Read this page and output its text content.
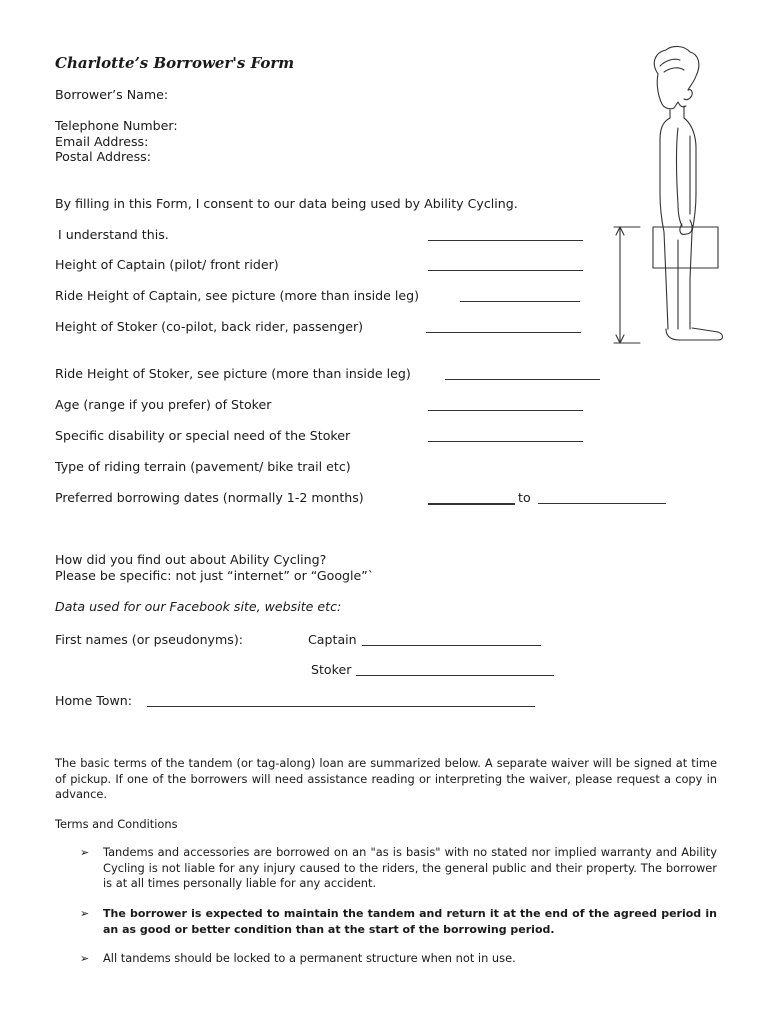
Charlotte’s Borrower's Form
Borrower’s Name:
Telephone Number:
Email Address:
Postal Address:
By filling in this Form, I consent to our data being used by Ability Cycling.
I understand this.
Height of Captain (pilot/ front rider)
Ride Height of Captain, see picture (more than inside leg)
Height of Stoker (co-pilot, back rider, passenger)
Ride Height of Stoker, see picture (more than inside leg)
Age (range if you prefer) of Stoker
Specific disability or special need of the Stoker
Type of riding terrain (pavement/ bike trail etc)
Preferred borrowing dates (normally 1-2 months)	to
How did you find out about Ability Cycling?
Please be specific: not just “internet” or “Google”`
Data used for our Facebook site, website etc:
First names (or pseudonyms):	Captain
Stoker
Home Town:
The basic terms of the tandem (or tag-along) loan are summarized below. A separate waiver will be signed at time of pickup. If one of the borrowers will need assistance reading or interpreting the waiver, please request a copy in advance.
Terms and Conditions
➢ Tandems and accessories are borrowed on an "as is basis" with no stated nor implied warranty and Ability Cycling is not liable for any injury caused to the riders, the general public and their property. The borrower is at all times personally liable for any accident.
➢ The borrower is expected to maintain the tandem and return it at the end of the agreed period in an as good or better condition than at the start of the borrowing period.
➢ All tandems should be locked to a permanent structure when not in use.
